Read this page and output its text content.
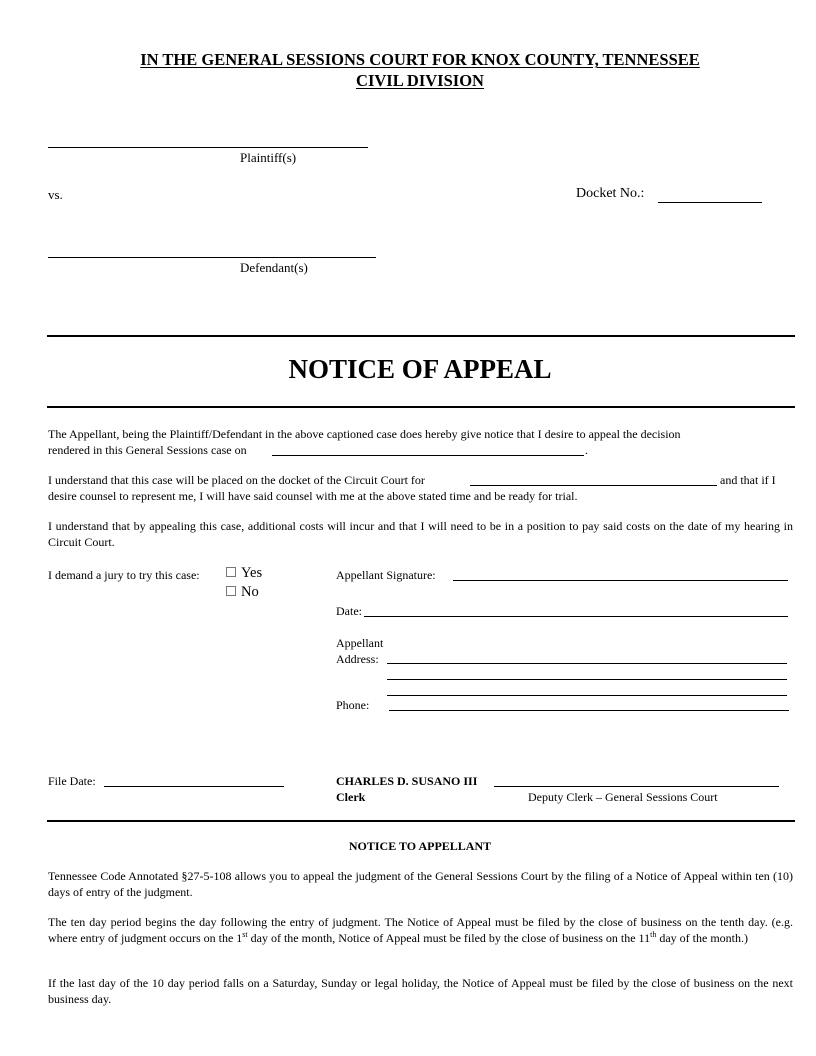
IN THE GENERAL SESSIONS COURT FOR KNOX COUNTY, TENNESSEE
CIVIL DIVISION
Plaintiff(s)
vs.	Docket No.:
Defendant(s)
NOTICE OF APPEAL
The Appellant, being the Plaintiff/Defendant in the above captioned case does hereby give notice that I desire to appeal the decision
rendered in this General Sessions case on	.
I understand that this case will be placed on the docket of the Circuit Court for	and that if I
desire counsel to represent me, I will have said counsel with me at the above stated time and be ready for trial.
I understand that by appealing this case, additional costs will incur and that I will need to be in a position to pay said costs on the date of my hearing in Circuit Court.
I demand a jury to try this case:	Yes
No
Appellant Signature:
Date:
Appellant
Address:
Phone:
File Date:	CHARLES D. SUSANO III
Clerk	Deputy Clerk – General Sessions Court
NOTICE TO APPELLANT
Tennessee Code Annotated §27-5-108 allows you to appeal the judgment of the General Sessions Court by the filing of a Notice of Appeal within ten (10) days of entry of the judgment.
The ten day period begins the day following the entry of judgment. The Notice of Appeal must be filed by the close of business on the tenth day. (e.g. where entry of judgment occurs on the 1st day of the month, Notice of Appeal must be filed by the close of business on the 11th day of the month.)
If the last day of the 10 day period falls on a Saturday, Sunday or legal holiday, the Notice of Appeal must be filed by the close of business on the next business day.
